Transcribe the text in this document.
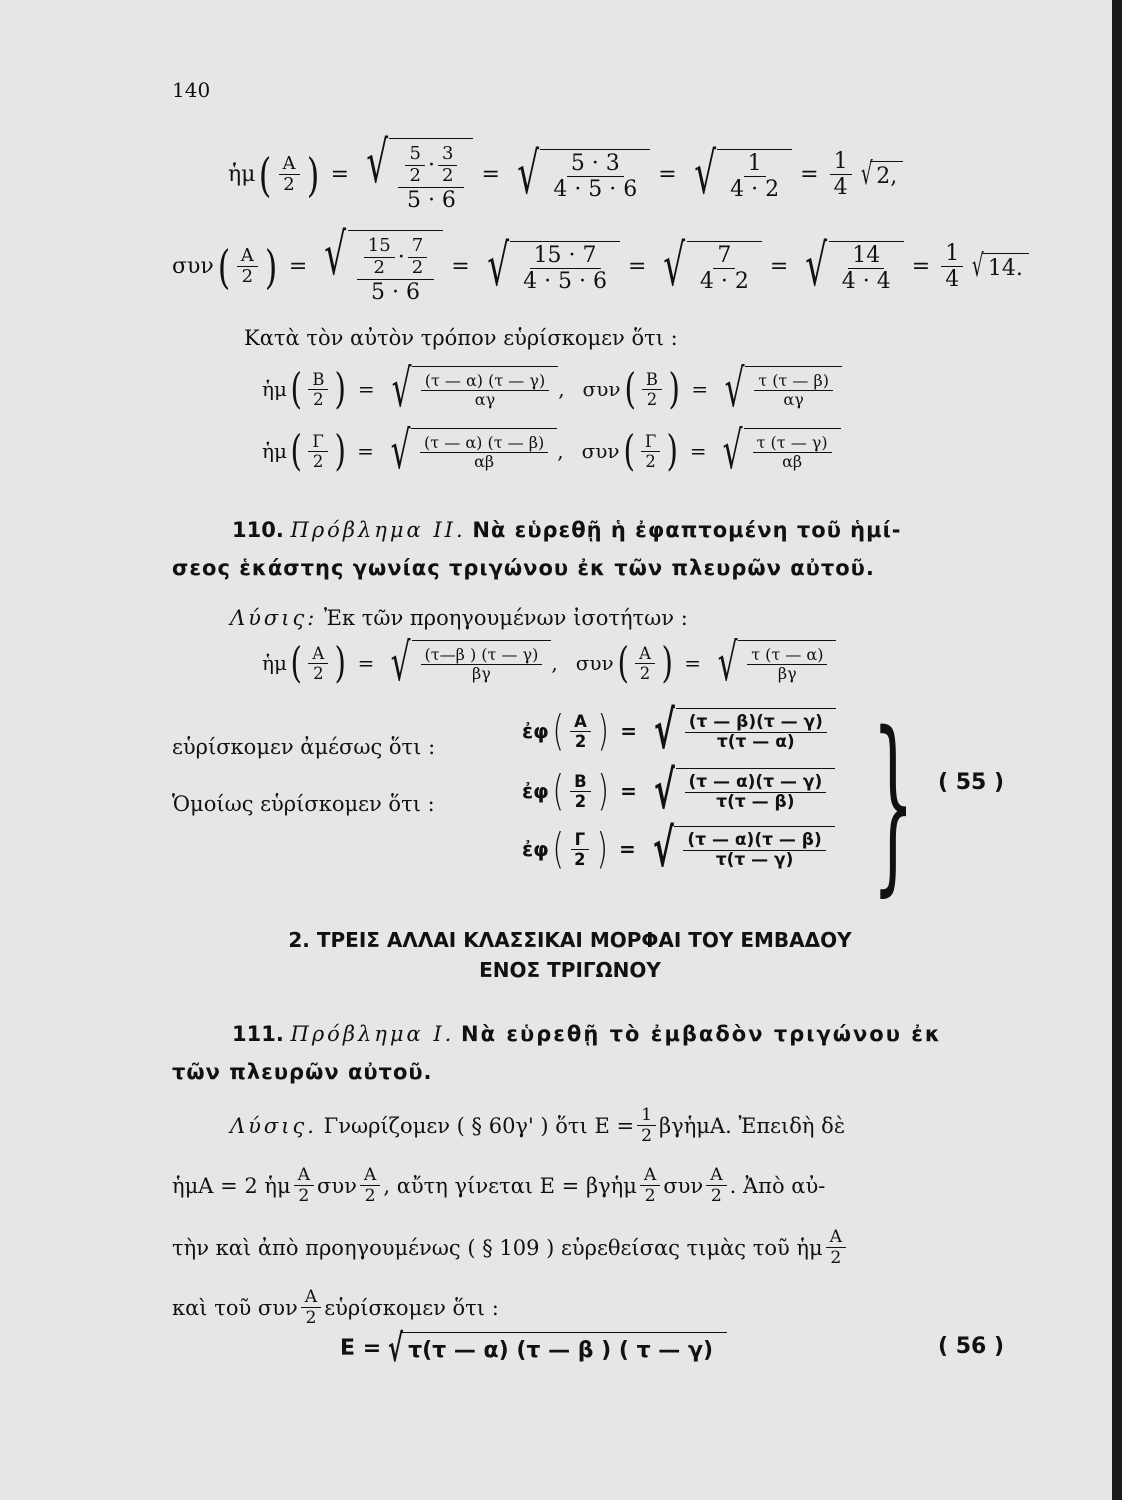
140
ἡμ ( $\frac{A}{2}$ ) = √ $\frac{\frac{5}{2} \cdot \frac{3}{2}}{5 \cdot 6}$ = √ $\frac{5 \cdot 3}{4 \cdot 5 \cdot 6}$ = √ $\frac{1}{4 \cdot 2} = \frac{1}{4}$ √ 2,
συν ( $\frac{A}{2}$ ) = √ $\frac{\frac{15}{2} \cdot \frac{7}{2}}{5 \cdot 6}$ = √ $\frac{15 \cdot 7}{4 \cdot 5 \cdot 6}$ = √ $\frac{7}{4 \cdot 2}$ = √ $\frac{14}{4 \cdot 4} = \frac{1}{4}$ √ 14.
Κατὰ τὸν αὐτὸν τρόπον εὑρίσκομεν ὅτι :
ἡμ ( $\frac{B}{2}$ ) = √ $\frac{(\tau — \alpha) (\tau — \gamma)}{\alpha\gamma}$ , συν ( $\frac{B}{2}$ ) = √ $\frac{\tau (\tau — \beta)}{\alpha\gamma}$
ἡμ ( $\frac{\Gamma}{2}$ ) = √ $\frac{(\tau — \alpha) (\tau — \beta)}{\alpha\beta}$ , συν ( $\frac{\Gamma}{2}$ ) = √ $\frac{\tau (\tau — \gamma)}{\alpha\beta}$
110. Πρόβλημα II. Νὰ εὑρεθῇ ἡ ἐφαπτομένη τοῦ ἡμί-
σεος ἑκάστης γωνίας τριγώνου ἐκ τῶν πλευρῶν αὐτοῦ.
Λύσις: Ἐκ τῶν προηγουμένων ἰσοτήτων :
ἡμ ( $\frac{A}{2}$ ) = √ $\frac{(\tau—\beta ) (\tau — \gamma)}{\beta\gamma}$ , συν ( $\frac{A}{2}$ ) = √ $\frac{\tau (\tau — \alpha)}{\beta\gamma}$
εὑρίσκομεν ἀμέσως ὅτι :
Ὁμοίως εὑρίσκομεν ὅτι :
ἐφ ( $\frac{A}{2}$ ) = √ $\frac{(\tau — \beta)(\tau — \gamma)}{\tau(\tau — \alpha)}$
ἐφ ( $\frac{B}{2}$ ) = √ $\frac{(\tau — \alpha)(\tau — \gamma)}{\tau(\tau — \beta)}$
ἐφ ( $\frac{\Gamma}{2}$ ) = √ $\frac{(\tau — \alpha)(\tau — \beta)}{\tau(\tau — \gamma)}$ } ( 55 )
2. ΤΡΕΙΣ ΑΛΛΑΙ ΚΛΑΣΣΙΚΑΙ ΜΟΡΦΑΙ ΤΟΥ ΕΜΒΑΔΟΥ
ΕΝΟΣ ΤΡΙΓΩΝΟΥ
111. Πρόβλημα I. Νὰ εὑρεθῇ τὸ ἐμβαδὸν τριγώνου ἐκ
τῶν πλευρῶν αὐτοῦ.
Λύσις.
Γνωρίζομεν ( § 60γ' ) ὅτι $E = \frac{1}{2}$ βγἡμΑ. Ἐπειδὴ δὲ
ἡμΑ = 2 ἡμ $\frac{A}{2}$ συν $\frac{A}{2}$ , αὔτη γίνεται Ε = βγἡμ $\frac{A}{2}$ συν $\frac{A}{2}$ . Ἀπὸ αὐ-
τὴν καὶ ἀπὸ προηγουμένως ( § 109 ) εὑρεθείσας τιμὰς τοῦ ἡμ $\frac{A}{2}$
καὶ τοῦ συν $\frac{A}{2}$ εὑρίσκομεν ὅτι :
Ε = √ τ(τ — α) (τ — β ) ( τ — γ)	( 56 )
